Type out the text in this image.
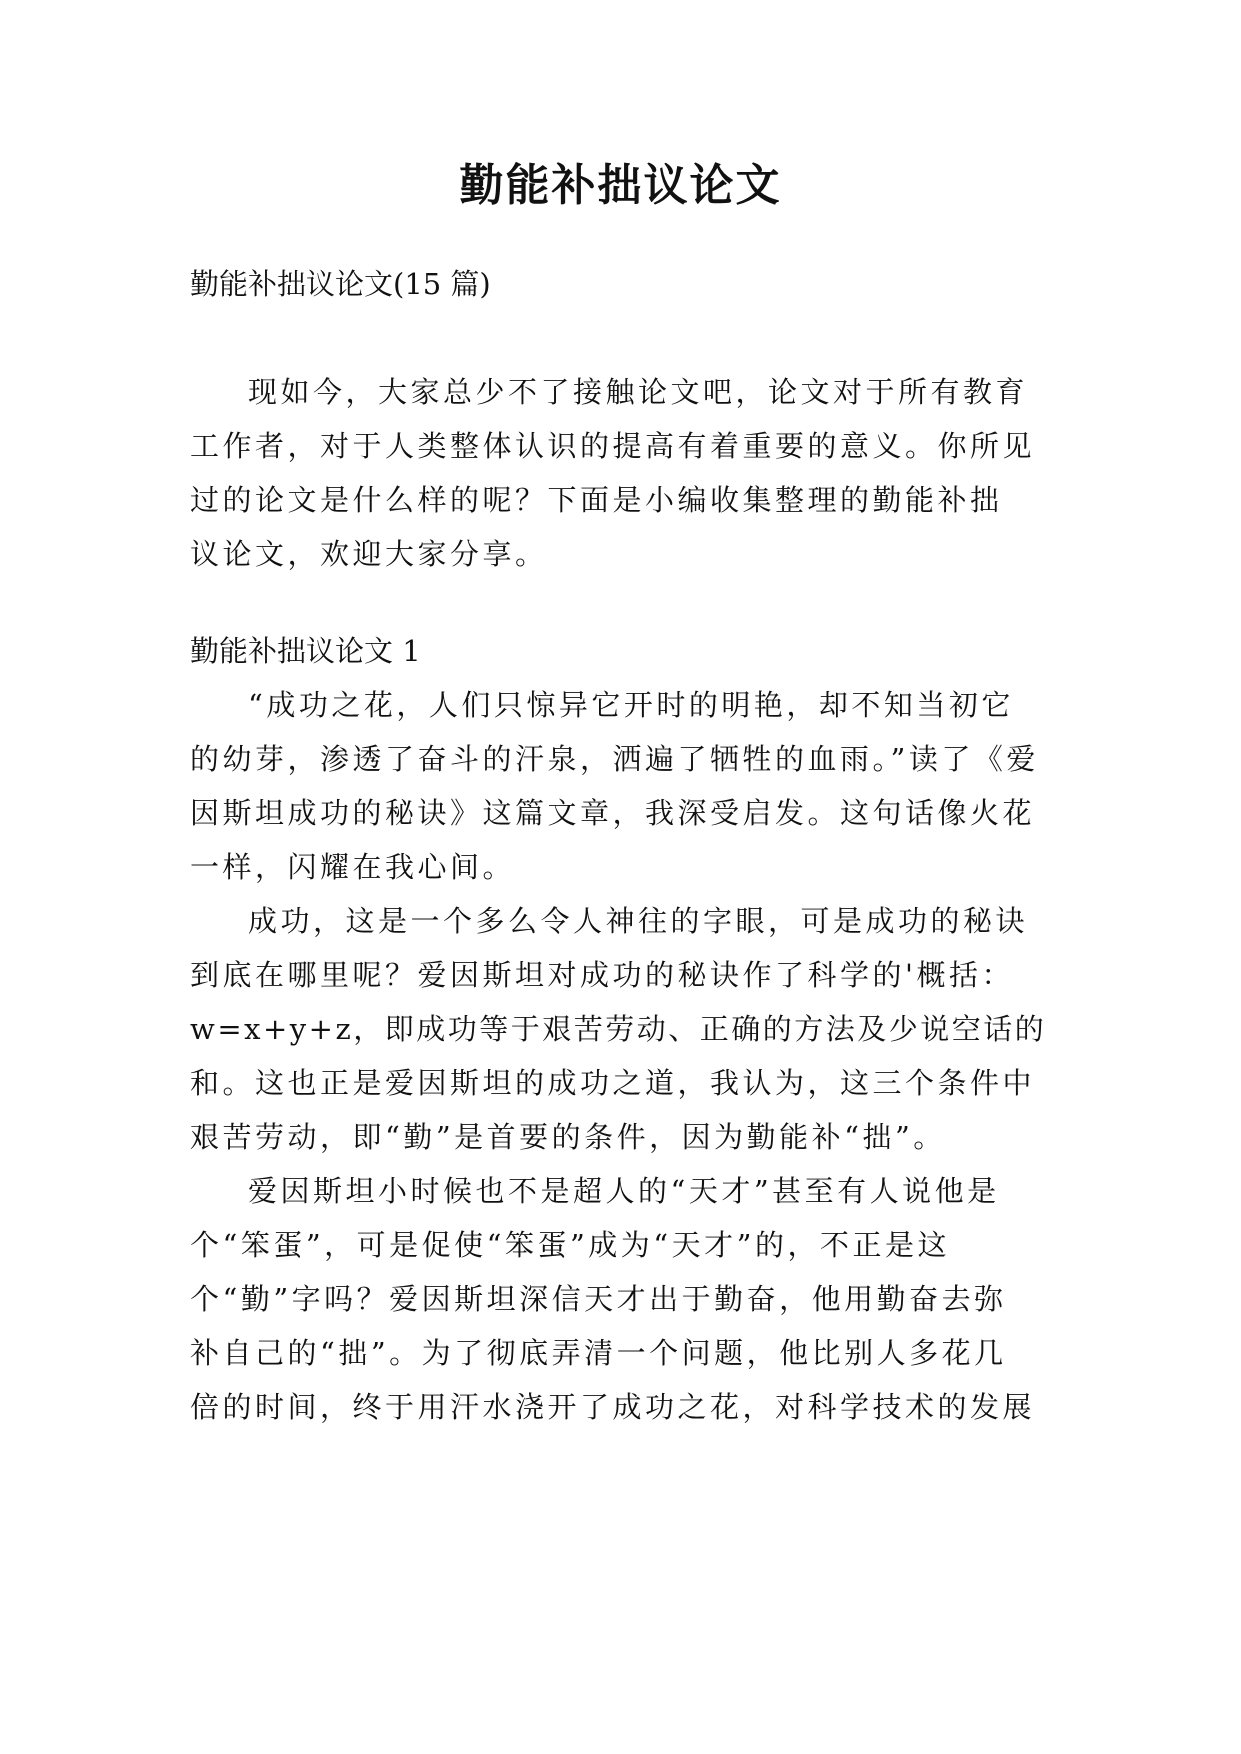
勤能补拙议论文
勤能补拙议论文(15 篇)
现如今，大家总少不了接触论文吧，论文对于所有教育
工作者，对于人类整体认识的提高有着重要的意义。你所见
过的论文是什么样的呢？下面是小编收集整理的勤能补拙
议论文，欢迎大家分享。
勤能补拙议论文 1
“成功之花，人们只惊异它开时的明艳，却不知当初它
的幼芽，渗透了奋斗的汗泉，洒遍了牺牲的血雨。”读了《爱
因斯坦成功的秘诀》这篇文章，我深受启发。这句话像火花
一样，闪耀在我心间。
成功，这是一个多么令人神往的字眼，可是成功的秘诀
到底在哪里呢？爱因斯坦对成功的秘诀作了科学的'概括：
w=x+y+z，即成功等于艰苦劳动、正确的方法及少说空话的
和。这也正是爱因斯坦的成功之道，我认为，这三个条件中
艰苦劳动，即“勤”是首要的条件，因为勤能补“拙”。
爱因斯坦小时候也不是超人的“天才”甚至有人说他是
个“笨蛋”，可是促使“笨蛋”成为“天才”的，不正是这
个“勤”字吗？爱因斯坦深信天才出于勤奋，他用勤奋去弥
补自己的“拙”。为了彻底弄清一个问题，他比别人多花几
倍的时间，终于用汗水浇开了成功之花，对科学技术的发展
